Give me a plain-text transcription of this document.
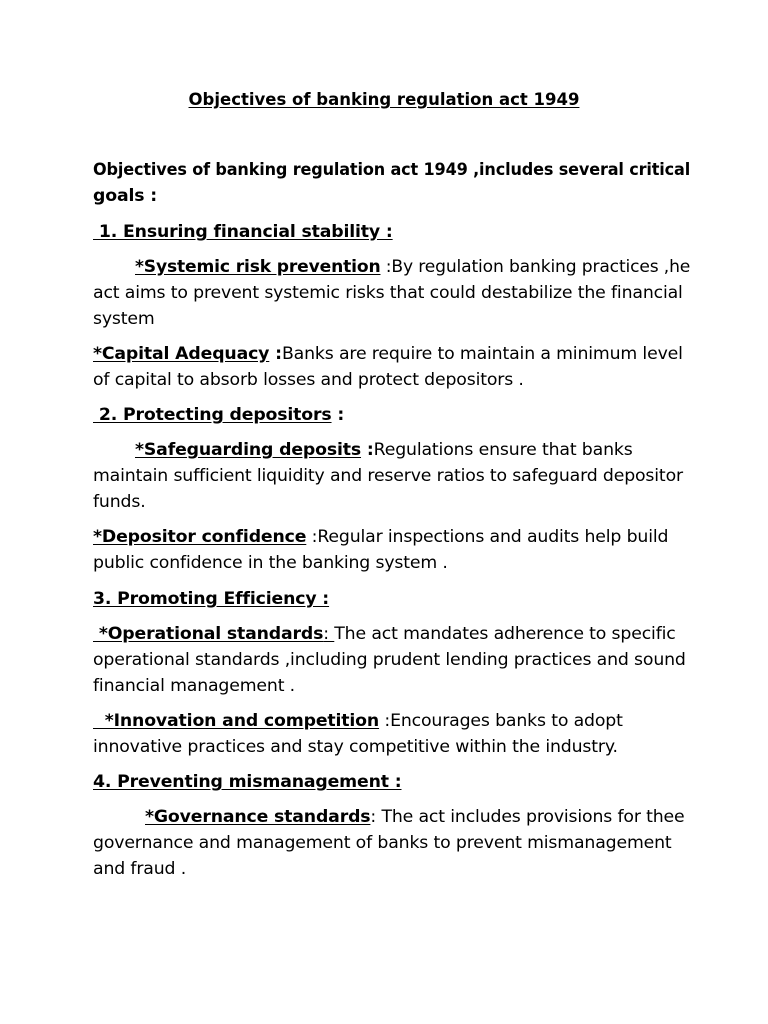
Objectives of banking regulation act 1949
Objectives of banking regulation act 1949 ,includes several critical
goals :
1. Ensuring financial stability :
*Systemic risk prevention :By regulation banking practices ,he
act aims to prevent systemic risks that could destabilize the financial
system
*Capital Adequacy :Banks are require to maintain a minimum level
of capital to absorb losses and protect depositors .
2. Protecting depositors :
*Safeguarding deposits :Regulations ensure that banks
maintain sufficient liquidity and reserve ratios to safeguard depositor
funds.
*Depositor confidence :Regular inspections and audits help build
public confidence in the banking system .
3. Promoting Efficiency :
*Operational standards: The act mandates adherence to specific
operational standards ,including prudent lending practices and sound
financial management .
*Innovation and competition :Encourages banks to adopt
innovative practices and stay competitive within the industry.
4. Preventing mismanagement :
*Governance standards: The act includes provisions for thee
governance and management of banks to prevent mismanagement
and fraud .
